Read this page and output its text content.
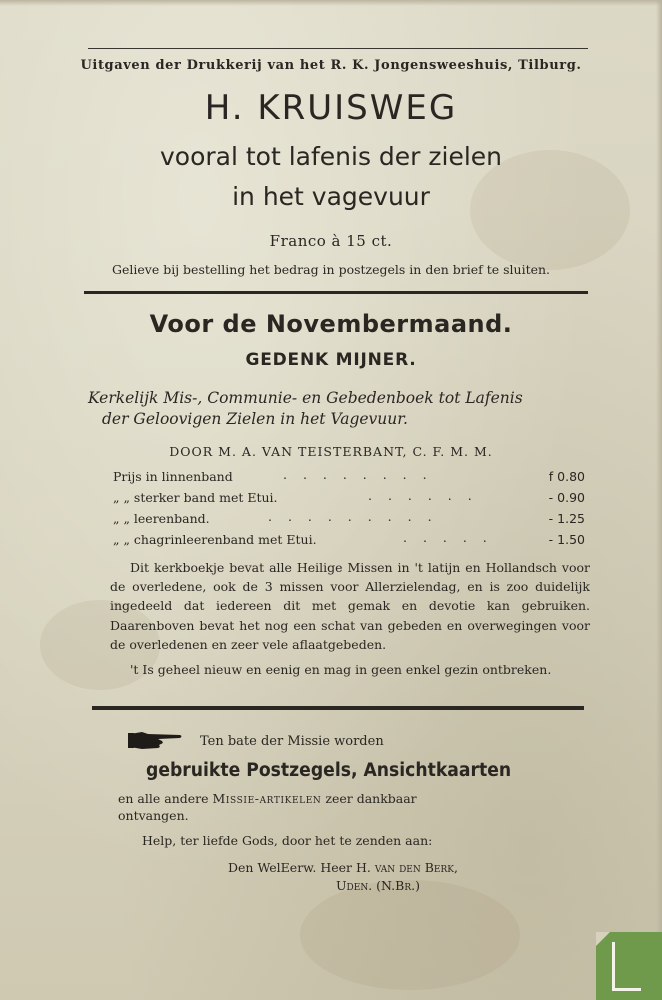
Uitgaven der Drukkerij van het R. K. Jongensweeshuis, Tilburg.
H. KRUISWEG
vooral tot lafenis der zielen
in het vagevuur
Franco à 15 ct.
Gelieve bij bestelling het bedrag in postzegels in den brief te sluiten.
Voor de Novembermaand.
GEDENK MIJNER.
Kerkelijk Mis-, Communie- en Gebedenboek tot Lafenis
der Geloovigen Zielen in het Vagevuur.
DOOR M. A. VAN TEISTERBANT, C. F. M. M.
Prijs in linnenband	. . . . . . . .	f 0.80
„ „ sterker band met Etui.	. . . . . .	- 0.90
„ „ leerenband.	. . . . . . . . .	- 1.25
„ „ chagrinleerenband met Etui.	. . . . .	- 1.50
Dit kerkboekje bevat alle Heilige Missen in 't latijn en Hollandsch voor de overledene, ook de 3 missen voor Allerzielendag, en is zoo duidelijk ingedeeld dat iedereen dit met gemak en devotie kan gebruiken. Daarenboven bevat het nog een schat van gebeden en overwegingen voor de overledenen en zeer vele aflaatgebeden.
't Is geheel nieuw en eenig en mag in geen enkel gezin ontbreken.
Ten bate der Missie worden
gebruikte Postzegels, Ansichtkaarten
en alle andere Missie-artikelen zeer dankbaar
ontvangen.
Help, ter liefde Gods, door het te zenden aan:
Den WelEerw. Heer H. van den Berk,
Uden. (N.Br.)
